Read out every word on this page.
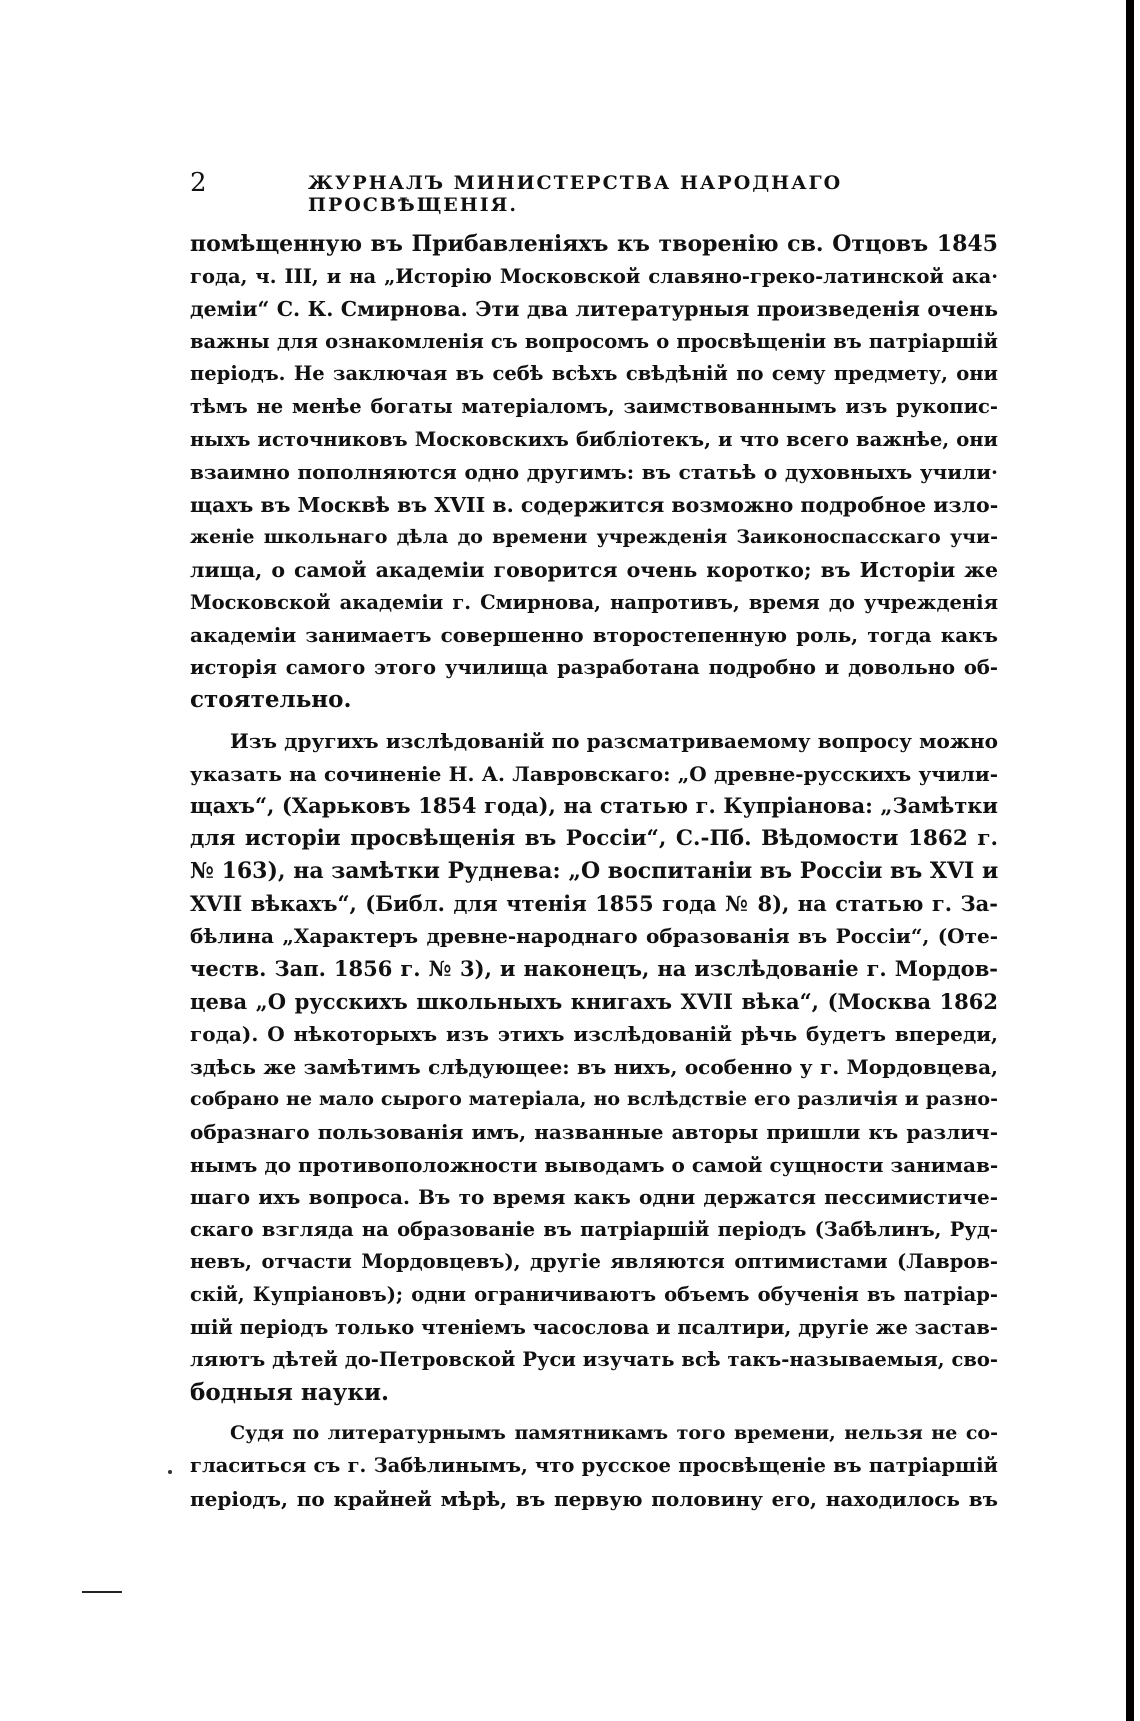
2	ЖУРНАЛЪ МИНИСТЕРСТВА НАРОДНАГО ПРОСВѢЩЕНІЯ.

помѣщенную въ Прибавленіяхъ къ творенію св. Отцовъ 1845
года, ч. III, и на „Исторію Московской славяно-греко-латинской ака·
деміи“ С. К. Смирнова. Эти два литературныя произведенія очень
важны для ознакомленія съ вопросомъ о просвѣщеніи въ патріаршій
періодъ. Не заключая въ себѣ всѣхъ свѣдѣній по сему предмету, они
тѣмъ не менѣе богаты матеріаломъ, заимствованнымъ изъ рукопис-
ныхъ источниковъ Московскихъ библіотекъ, и что всего важнѣе, они
взаимно пополняются одно другимъ: въ статьѣ о духовныхъ учили·
щахъ въ Москвѣ въ XVII в. содержится возможно подробное изло-
женіе школьнаго дѣла до времени учрежденія Заиконоспасскаго учи-
лища, о самой академіи говорится очень коротко; въ Исторіи же
Московской академіи г. Смирнова, напротивъ, время до учрежденія
академіи занимаетъ совершенно второстепенную роль, тогда какъ
исторія самого этого училища разработана подробно и довольно об-
стоятельно.

Изъ другихъ изслѣдованій по разсматриваемому вопросу можно
указать на сочиненіе Н. А. Лавровскаго: „О древне-русскихъ учили-
щахъ“, (Харьковъ 1854 года), на статью г. Купріанова: „Замѣтки
для исторіи просвѣщенія въ Россіи“, С.-Пб. Вѣдомости 1862 г.
№ 163), на замѣтки Руднева: „О воспитаніи въ Россіи въ XVI и
XVII вѣкахъ“, (Библ. для чтенія 1855 года № 8), на статью г. За-
бѣлина „Характеръ древне-народнаго образованія въ Россіи“, (Оте-
честв. Зап. 1856 г. № 3), и наконецъ, на изслѣдованіе г. Мордов-
цева „О русскихъ школьныхъ книгахъ XVII вѣка“, (Москва 1862
года). О нѣкоторыхъ изъ этихъ изслѣдованій рѣчь будетъ впереди,
здѣсь же замѣтимъ слѣдующее: въ нихъ, особенно у г. Мордовцева,
собрано не мало сырого матеріала, но вслѣдствіе его различія и разно-
образнаго пользованія имъ, названные авторы пришли къ различ-
нымъ до противоположности выводамъ о самой сущности занимав-
шаго ихъ вопроса. Въ то время какъ одни держатся пессимистиче-
скаго взгляда на образованіе въ патріаршій періодъ (Забѣлинъ, Руд-
невъ, отчасти Мордовцевъ), другіе являются оптимистами (Лавров-
скій, Купріановъ); одни ограничиваютъ объемъ обученія въ патріар-
шій періодъ только чтеніемъ часослова и псалтири, другіе же застав-
ляютъ дѣтей до-Петровской Руси изучать всѣ такъ-называемыя, сво-
бодныя науки.

Судя по литературнымъ памятникамъ того времени, нельзя не со-
гласиться съ г. Забѣлинымъ, что русское просвѣщеніе въ патріаршій
періодъ, по крайней мѣрѣ, въ первую половину его, находилось въ
